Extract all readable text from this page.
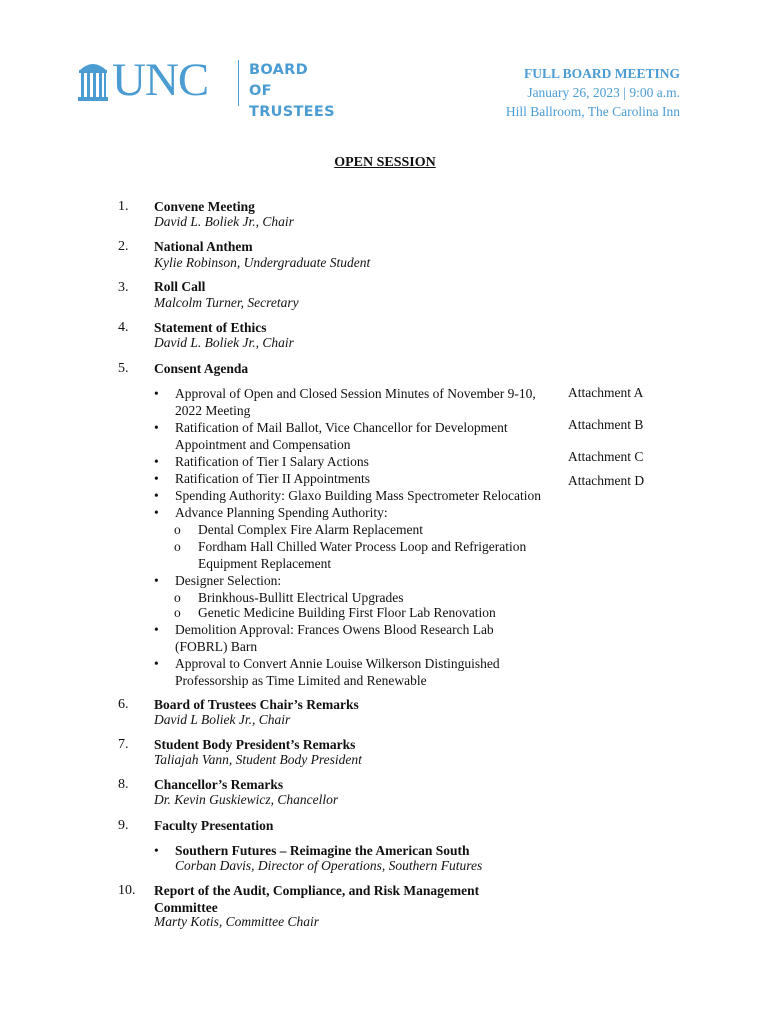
UNC	BOARD OF
TRUSTEES
FULL BOARD MEETING
January 26, 2023 | 9:00 a.m.
Hill Ballroom, The Carolina Inn
OPEN SESSION
1. Convene Meeting
David L. Boliek Jr., Chair
2. National Anthem
Kylie Robinson, Undergraduate Student
3. Roll Call
Malcolm Turner, Secretary
4. Statement of Ethics
David L. Boliek Jr., Chair
5. Consent Agenda
• Approval of Open and Closed Session Minutes of November 9-10, 2022 Meeting
• Ratification of Mail Ballot, Vice Chancellor for Development Appointment and Compensation
• Ratification of Tier I Salary Actions
• Ratification of Tier II Appointments
• Spending Authority: Glaxo Building Mass Spectrometer Relocation
• Advance Planning Spending Authority:
o Dental Complex Fire Alarm Replacement
o Fordham Hall Chilled Water Process Loop and Refrigeration Equipment Replacement
• Designer Selection:
o Brinkhous-Bullitt Electrical Upgrades
o Genetic Medicine Building First Floor Lab Renovation
• Demolition Approval: Frances Owens Blood Research Lab (FOBRL) Barn
• Approval to Convert Annie Louise Wilkerson Distinguished Professorship as Time Limited and Renewable
Attachment A
Attachment B
Attachment C
Attachment D
6. Board of Trustees Chair’s Remarks
David L Boliek Jr., Chair
7. Student Body President’s Remarks
Taliajah Vann, Student Body President
8. Chancellor’s Remarks
Dr. Kevin Guskiewicz, Chancellor
9. Faculty Presentation
• Southern Futures – Reimagine the American South
Corban Davis, Director of Operations, Southern Futures
10. Report of the Audit, Compliance, and Risk Management Committee
Marty Kotis, Committee Chair
